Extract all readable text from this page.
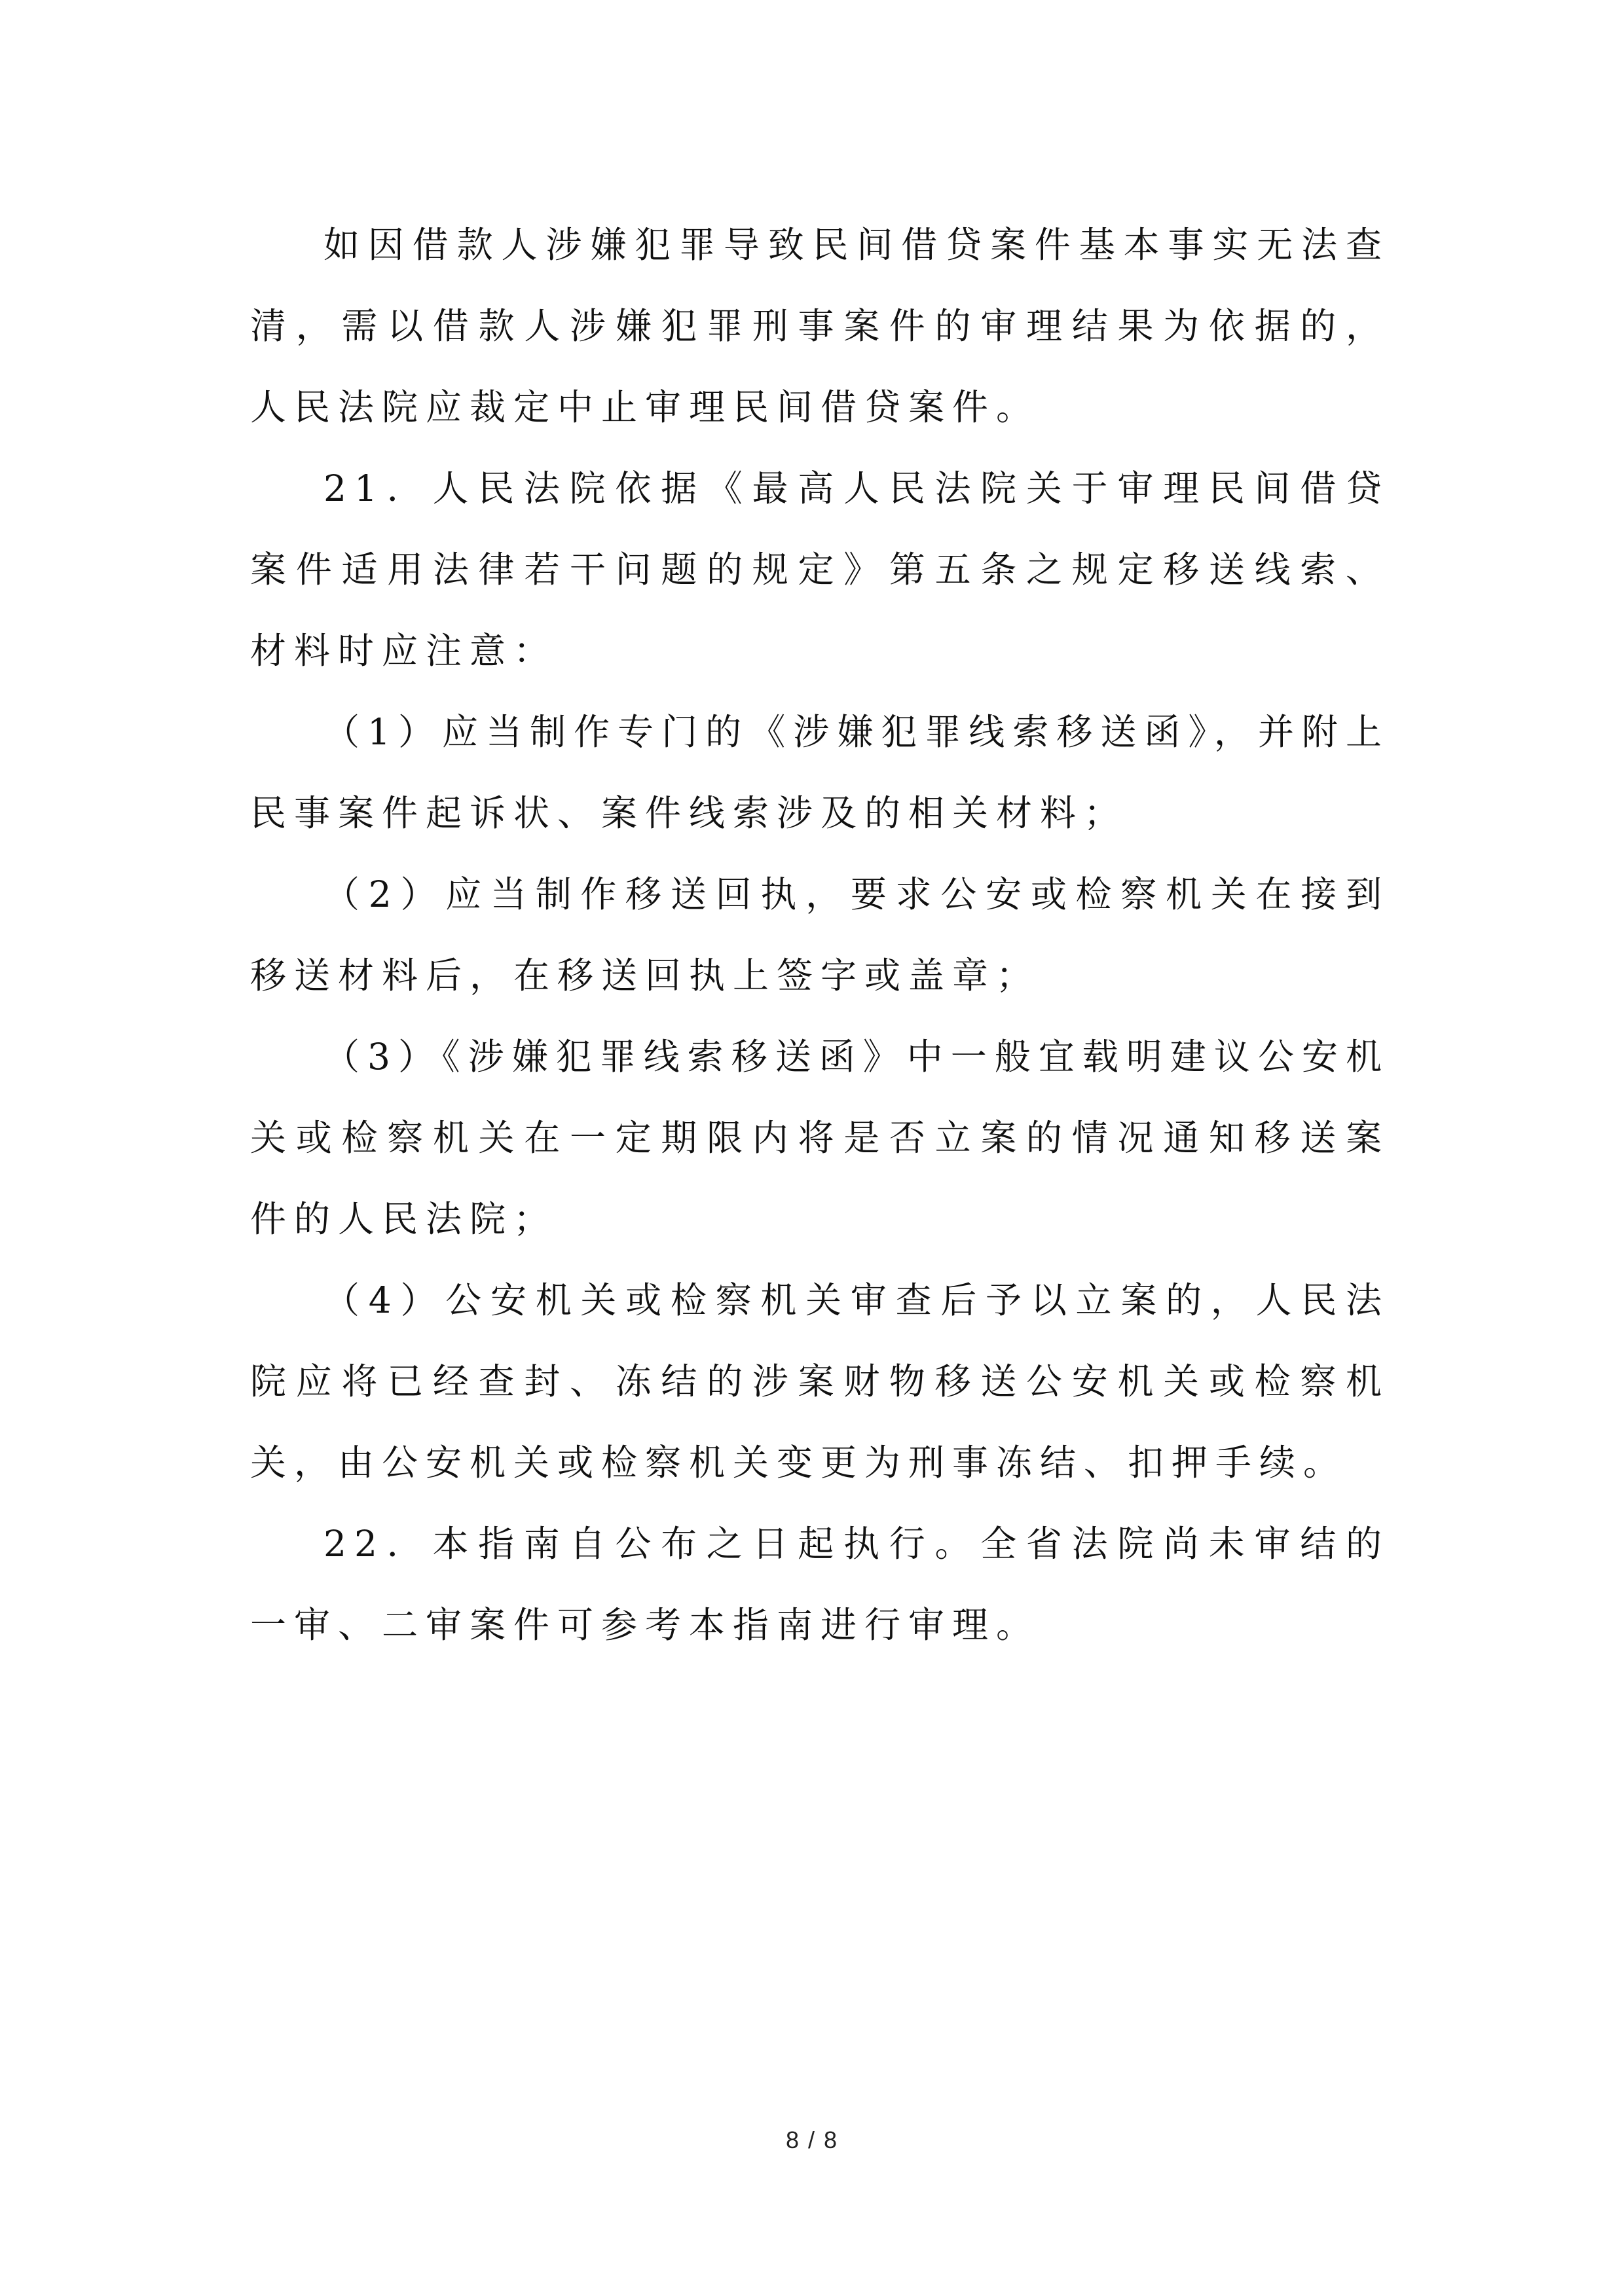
如因借款人涉嫌犯罪导致民间借贷案件基本事实无法查清，需以借款人涉嫌犯罪刑事案件的审理结果为依据的，人民法院应裁定中止审理民间借贷案件。

21．人民法院依据《最高人民法院关于审理民间借贷案件适用法律若干问题的规定》第五条之规定移送线索、材料时应注意：

（1）应当制作专门的《涉嫌犯罪线索移送函》，并附上民事案件起诉状、案件线索涉及的相关材料；

（2）应当制作移送回执，要求公安或检察机关在接到移送材料后，在移送回执上签字或盖章；

（3）《涉嫌犯罪线索移送函》中一般宜载明建议公安机关或检察机关在一定期限内将是否立案的情况通知移送案件的人民法院；

（4）公安机关或检察机关审查后予以立案的，人民法院应将已经查封、冻结的涉案财物移送公安机关或检察机关，由公安机关或检察机关变更为刑事冻结、扣押手续。

22．本指南自公布之日起执行。全省法院尚未审结的一审、二审案件可参考本指南进行审理。

8 / 8
